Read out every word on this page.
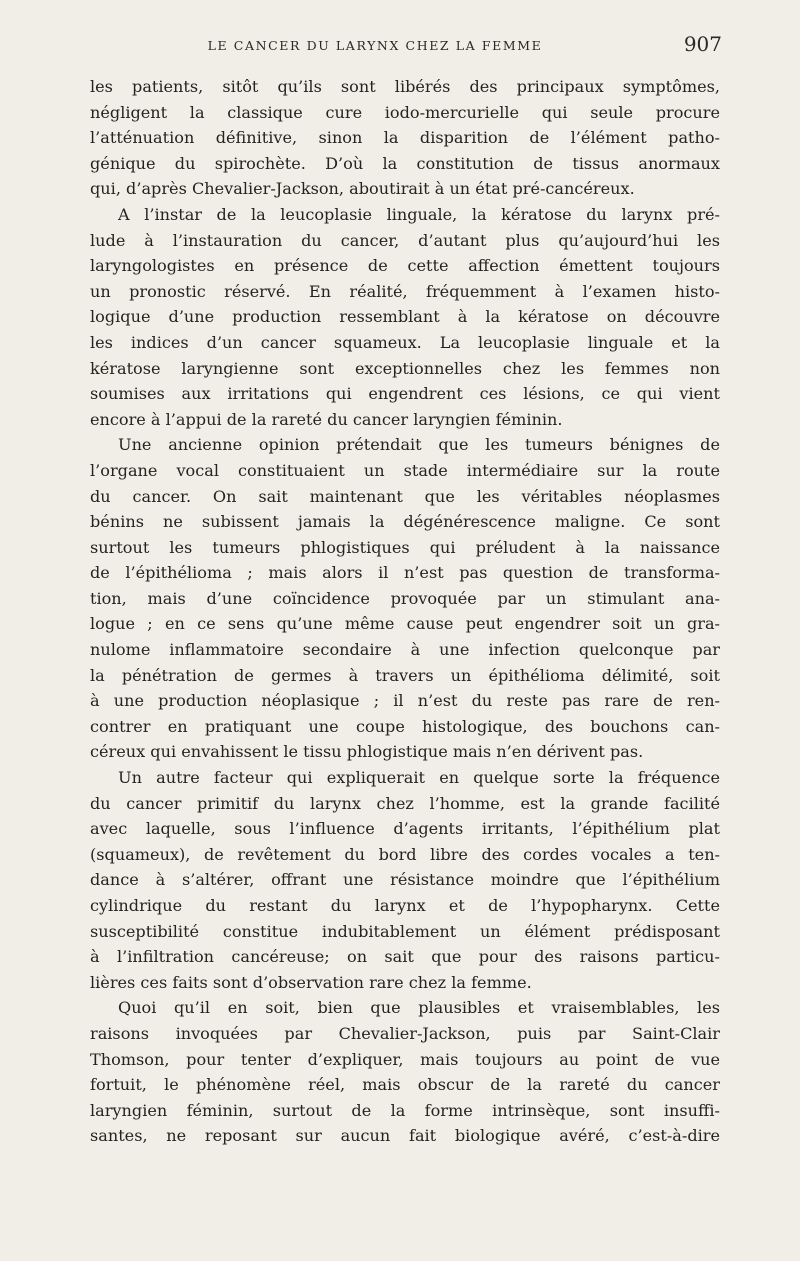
LE CANCER DU LARYNX CHEZ LA FEMME	907
les patients, sitôt qu’ils sont libérés des principaux symptômes,
négligent la classique cure iodo-mercurielle qui seule procure
l’atténuation définitive, sinon la disparition de l’élément patho-
génique du spirochète. D’où la constitution de tissus anormaux
qui, d’après Chevalier-Jackson, aboutirait à un état pré-cancéreux.
A l’instar de la leucoplasie linguale, la kératose du larynx pré-
lude à l’instauration du cancer, d’autant plus qu’aujourd’hui les
laryngologistes en présence de cette affection émettent toujours
un pronostic réservé. En réalité, fréquemment à l’examen histo-
logique d’une production ressemblant à la kératose on découvre
les indices d’un cancer squameux. La leucoplasie linguale et la
kératose laryngienne sont exceptionnelles chez les femmes non
soumises aux irritations qui engendrent ces lésions, ce qui vient
encore à l’appui de la rareté du cancer laryngien féminin.
Une ancienne opinion prétendait que les tumeurs bénignes de
l’organe vocal constituaient un stade intermédiaire sur la route
du cancer. On sait maintenant que les véritables néoplasmes
bénins ne subissent jamais la dégénérescence maligne. Ce sont
surtout les tumeurs phlogistiques qui préludent à la naissance
de l’épithélioma ; mais alors il n’est pas question de transforma-
tion, mais d’une coïncidence provoquée par un stimulant ana-
logue ; en ce sens qu’une même cause peut engendrer soit un gra-
nulome inflammatoire secondaire à une infection quelconque par
la pénétration de germes à travers un épithélioma délimité, soit
à une production néoplasique ; il n’est du reste pas rare de ren-
contrer en pratiquant une coupe histologique, des bouchons can-
céreux qui envahissent le tissu phlogistique mais n’en dérivent pas.
Un autre facteur qui expliquerait en quelque sorte la fréquence
du cancer primitif du larynx chez l’homme, est la grande facilité
avec laquelle, sous l’influence d’agents irritants, l’épithélium plat
(squameux), de revêtement du bord libre des cordes vocales a ten-
dance à s’altérer, offrant une résistance moindre que l’épithélium
cylindrique du restant du larynx et de l’hypopharynx. Cette
susceptibilité constitue indubitablement un élément prédisposant
à l’infiltration cancéreuse; on sait que pour des raisons particu-
lières ces faits sont d’observation rare chez la femme.
Quoi qu’il en soit, bien que plausibles et vraisemblables, les
raisons invoquées par Chevalier-Jackson, puis par Saint-Clair
Thomson, pour tenter d’expliquer, mais toujours au point de vue
fortuit, le phénomène réel, mais obscur de la rareté du cancer
laryngien féminin, surtout de la forme intrinsèque, sont insuffi-
santes, ne reposant sur aucun fait biologique avéré, c’est-à-dire
